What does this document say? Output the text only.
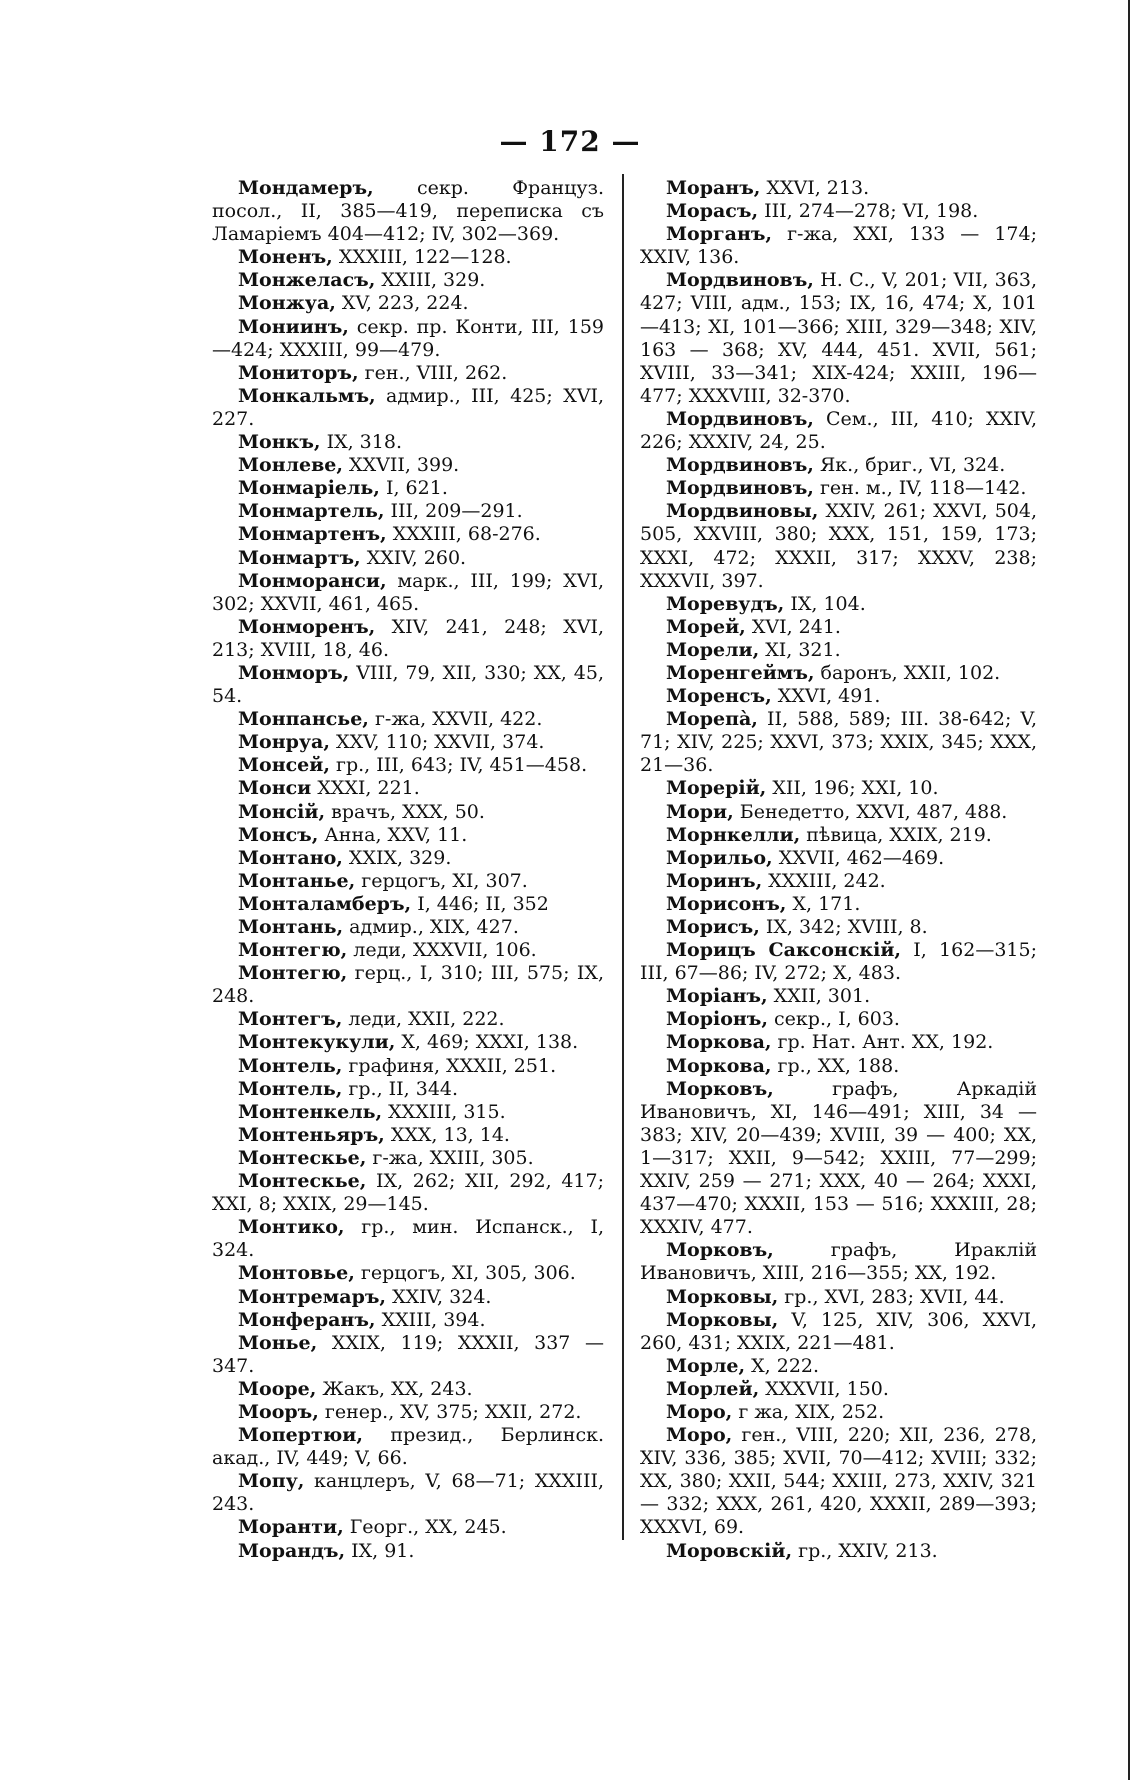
— 172 —

Мондамеръ, секр. Француз. посол., II, 385—419, переписка съ Ламаріемъ 404—412; IV, 302—369.

Моненъ, XXXIII, 122—128.

Монжеласъ, XXIII, 329.

Монжуа, XV, 223, 224.

Мониинъ, секр. пр. Конти, III, 159—424; XXXIII, 99—479.

Мониторъ, ген., VIII, 262.

Монкальмъ, адмир., III, 425; XVI, 227.

Монкъ, IX, 318.

Монлеве, XXVII, 399.

Монмаріель, I, 621.

Монмартель, III, 209—291.

Монмартенъ, XXXIII, 68-276.

Монмартъ, XXIV, 260.

Монморанси, марк., III, 199; XVI, 302; XXVII, 461, 465.

Монморенъ, XIV, 241, 248; XVI, 213; XVIII, 18, 46.

Монморъ, VIII, 79, XII, 330; XX, 45, 54.

Монпансье, г-жа, XXVII, 422.

Монруа, XXV, 110; XXVII, 374.

Монсей, гр., III, 643; IV, 451—458.

Монси XXXI, 221.

Монсій, врачъ, XXX, 50.

Монсъ, Анна, XXV, 11.

Монтано, XXIX, 329.

Монтанье, герцогъ, XI, 307.

Монталамберъ, I, 446; II, 352

Монтань, адмир., XIX, 427.

Монтегю, леди, XXXVII, 106.

Монтегю, герц., I, 310; III, 575; IX, 248.

Монтегъ, леди, XXII, 222.

Монтекукули, X, 469; XXXI, 138.

Монтель, графиня, XXXII, 251.

Монтель, гр., II, 344.

Монтенкель, XXXIII, 315.

Монтеньяръ, XXX, 13, 14.

Монтескье, г-жа, XXIII, 305.

Монтескье, IX, 262; XII, 292, 417; XXI, 8; XXIX, 29—145.

Монтико, гр., мин. Испанск., I, 324.

Монтовье, герцогъ, XI, 305, 306.

Монтремаръ, XXIV, 324.

Монферанъ, XXIII, 394.

Монье, XXIX, 119; XXXII, 337 — 347.

Мооре, Жакъ, XX, 243.

Мооръ, генер., XV, 375; XXII, 272.

Мопертюи, презид., Берлинск. акад., IV, 449; V, 66.

Мопу, канцлеръ, V, 68—71; XXXIII, 243.

Моранти, Георг., XX, 245.

Морандъ, IX, 91.

Моранъ, XXVI, 213.

Морасъ, III, 274—278; VI, 198.

Морганъ, г-жа, XXI, 133 — 174; XXIV, 136.

Мордвиновъ, Н. С., V, 201; VII, 363, 427; VIII, адм., 153; IX, 16, 474; X, 101—413; XI, 101—366; XIII, 329—348; XIV, 163 — 368; XV, 444, 451. XVII, 561; XVIII, 33—341; XIX-424; XXIII, 196—477; XXXVIII, 32-370.

Мордвиновъ, Сем., III, 410; XXIV, 226; XXXIV, 24, 25.

Мордвиновъ, Як., бриг., VI, 324.

Мордвиновъ, ген. м., IV, 118—142.

Мордвиновы, XXIV, 261; XXVI, 504, 505, XXVIII, 380; XXX, 151, 159, 173; XXXI, 472; XXXII, 317; XXXV, 238; XXXVII, 397.

Моревудъ, IX, 104.

Морей, XVI, 241.

Морели, XI, 321.

Моренгеймъ, баронъ, XXII, 102.

Моренсъ, XXVI, 491.

Морепà, II, 588, 589; III. 38-642; V, 71; XIV, 225; XXVI, 373; XXIX, 345; XXX, 21—36.

Морерій, XII, 196; XXI, 10.

Мори, Бенедетто, XXVI, 487, 488.

Морнкелли, пѣвица, XXIX, 219.

Морильо, XXVII, 462—469.

Моринъ, XXXIII, 242.

Морисонъ, X, 171.

Морисъ, IX, 342; XVIII, 8.

Морицъ Саксонскій, I, 162—315; III, 67—86; IV, 272; X, 483.

Моріанъ, XXII, 301.

Моріонъ, секр., I, 603.

Моркова, гр. Нат. Ант. XX, 192.

Моркова, гр., XX, 188.

Морковъ, графъ, Аркадій Ивановичъ, XI, 146—491; XIII, 34 — 383; XIV, 20—439; XVIII, 39 — 400; XX, 1—317; XXII, 9—542; XXIII, 77—299; XXIV, 259 — 271; XXX, 40 — 264; XXXI, 437—470; XXXII, 153 — 516; XXXIII, 28; XXXIV, 477.

Морковъ, графъ, Ираклій Ивановичъ, XIII, 216—355; XX, 192.

Морковы, гр., XVI, 283; XVII, 44.

Морковы, V, 125, XIV, 306, XXVI, 260, 431; XXIX, 221—481.

Морле, X, 222.

Морлей, XXXVII, 150.

Моро, г жа, XIX, 252.

Моро, ген., VIII, 220; XII, 236, 278, XIV, 336, 385; XVII, 70—412; XVIII; 332; XX, 380; XXII, 544; XXIII, 273, XXIV, 321 — 332; XXX, 261, 420, XXXII, 289—393; XXXVI, 69.

Моровскій, гр., XXIV, 213.
